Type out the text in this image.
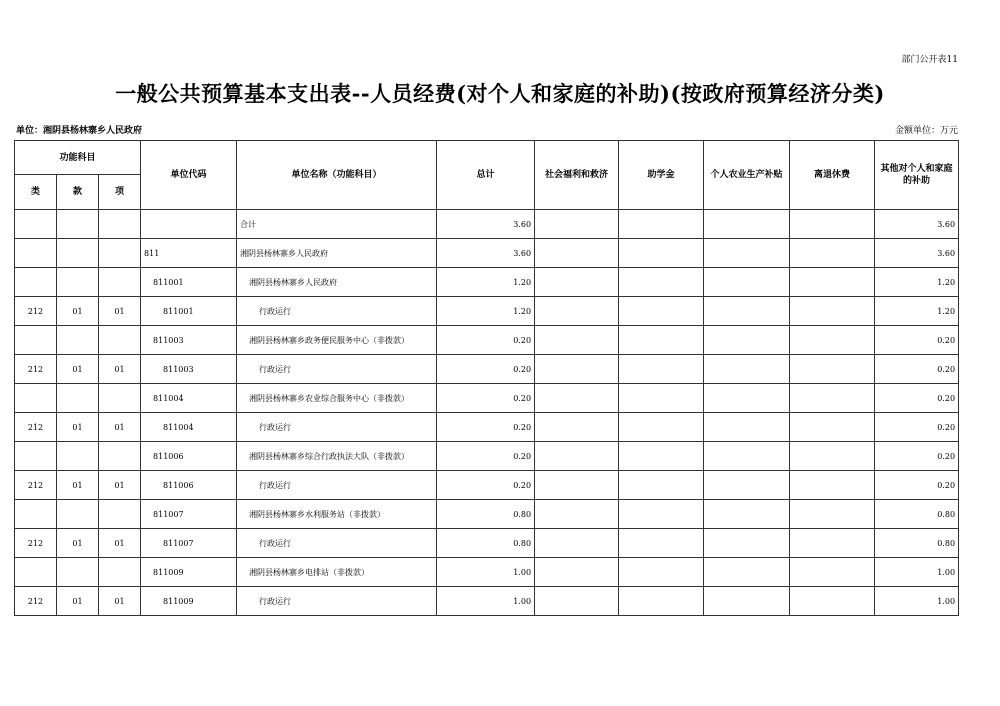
部门公开表11
一般公共预算基本支出表--人员经费(对个人和家庭的补助)(按政府预算经济分类)
单位：湘阴县杨林寨乡人民政府	金额单位：万元
功能科目			单位代码	单位名称（功能科目）	总计	社会福利和救济	助学金	个人农业生产补贴	离退休费	其他对个人和家庭的补助
类	款	项								
				合计	3.60					3.60
			811	湘阴县杨林寨乡人民政府	3.60					3.60
			811001	湘阴县杨林寨乡人民政府	1.20					1.20
212	01	01	811001	行政运行	1.20					1.20
			811003	湘阴县杨林寨乡政务便民服务中心（非拨款）	0.20					0.20
212	01	01	811003	行政运行	0.20					0.20
			811004	湘阴县杨林寨乡农业综合服务中心（非拨款）	0.20					0.20
212	01	01	811004	行政运行	0.20					0.20
			811006	湘阴县杨林寨乡综合行政执法大队（非拨款）	0.20					0.20
212	01	01	811006	行政运行	0.20					0.20
			811007	湘阴县杨林寨乡水利服务站（非拨款）	0.80					0.80
212	01	01	811007	行政运行	0.80					0.80
			811009	湘阴县杨林寨乡电排站（非拨款）	1.00					1.00
212	01	01	811009	行政运行	1.00					1.00
